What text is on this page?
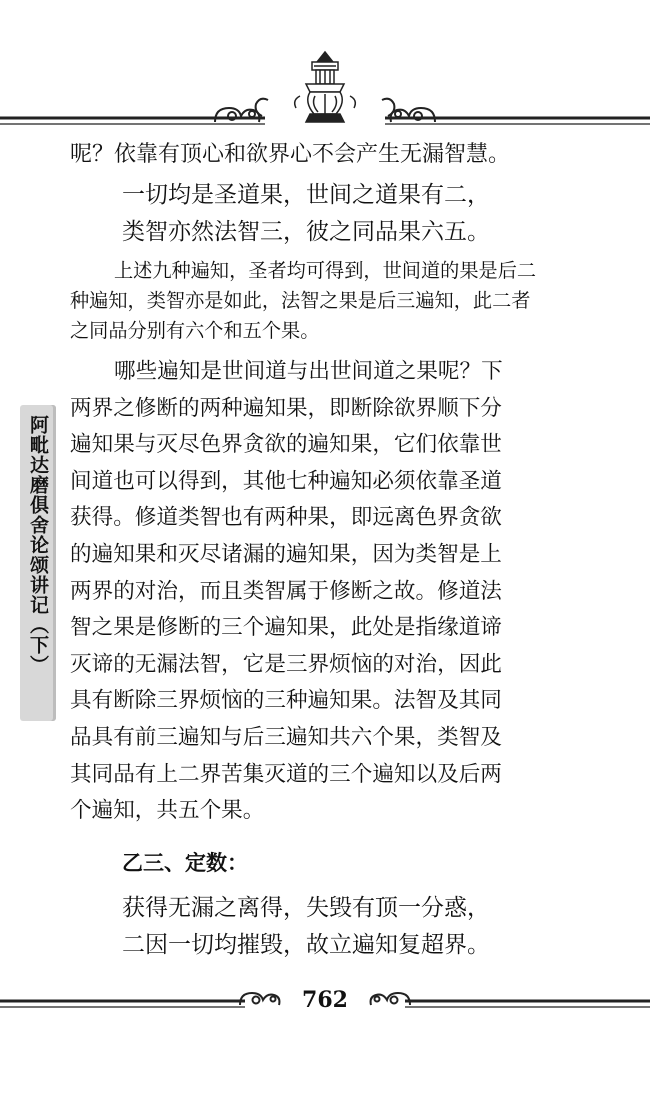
阿毗达磨俱舍论颂讲记（下）
呢？依靠有顶心和欲界心不会产生无漏智慧。
一切均是圣道果，世间之道果有二，
类智亦然法智三，彼之同品果六五。
上述九种遍知，圣者均可得到，世间道的果是后二
种遍知，类智亦是如此，法智之果是后三遍知，此二者
之同品分别有六个和五个果。
哪些遍知是世间道与出世间道之果呢？下
两界之修断的两种遍知果，即断除欲界顺下分
遍知果与灭尽色界贪欲的遍知果，它们依靠世
间道也可以得到，其他七种遍知必须依靠圣道
获得。修道类智也有两种果，即远离色界贪欲
的遍知果和灭尽诸漏的遍知果，因为类智是上
两界的对治，而且类智属于修断之故。修道法
智之果是修断的三个遍知果，此处是指缘道谛
灭谛的无漏法智，它是三界烦恼的对治，因此
具有断除三界烦恼的三种遍知果。法智及其同
品具有前三遍知与后三遍知共六个果，类智及
其同品有上二界苦集灭道的三个遍知以及后两
个遍知，共五个果。
乙三、定数：
获得无漏之离得，失毁有顶一分惑，
二因一切均摧毁，故立遍知复超界。
762
